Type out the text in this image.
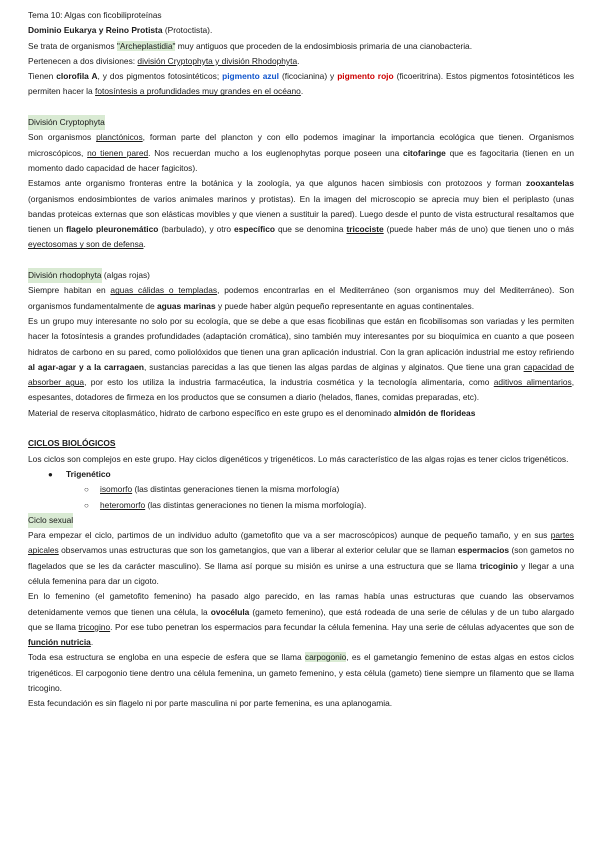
Tema 10: Algas con ficobiliproteínas

Dominio Eukarya y Reino Protista (Protoctista).

Se trata de organismos "Archeplastidia" muy antiguos que proceden de la endosimbiosis primaria de una cianobacteria.

Pertenecen a dos divisiones: división Cryptophyta y división Rhodophyta.

Tienen clorofila A, y dos pigmentos fotosintéticos; pigmento azul (ficocianina) y pigmento rojo (ficoeritrina). Estos pigmentos fotosintéticos les permiten hacer la fotosíntesis a profundidades muy grandes en el océano.

División Cryptophyta

Son organismos planctónicos, forman parte del plancton y con ello podemos imaginar la importancia ecológica que tienen. Organismos microscópicos, no tienen pared. Nos recuerdan mucho a los euglenophytas porque poseen una citofaringe que es fagocitaria (tienen en un momento dado capacidad de hacer fagicitos).

Estamos ante organismo fronteras entre la botánica y la zoología, ya que algunos hacen simbiosis con protozoos y forman zooxantelas (organismos endosimbiontes de varios animales marinos y protistas). En la imagen del microscopio se aprecia muy bien el periplasto (unas bandas proteicas externas que son elásticas movibles y que vienen a sustituir la pared). Luego desde el punto de vista estructural resaltamos que tienen un flagelo pleuronemático (barbulado), y otro específico que se denomina tricociste (puede haber más de uno) que tienen uno o más eyectosomas y son de defensa.

División rhodophyta (algas rojas)

Siempre habitan en aguas cálidas o templadas, podemos encontrarlas en el Mediterráneo (son organismos muy del Mediterráneo). Son organismos fundamentalmente de aguas marinas y puede haber algún pequeño representante en aguas continentales.

Es un grupo muy interesante no solo por su ecología, que se debe a que esas ficobilinas que están en ficobilisomas son variadas y les permiten hacer la fotosíntesis a grandes profundidades (adaptación cromática), sino también muy interesantes por su bioquímica en cuanto a que poseen hidratos de carbono en su pared, como poliolóxidos que tienen una gran aplicación industrial. Con la gran aplicación industrial me estoy refiriendo al agar-agar y a la carragaen, sustancias parecidas a las que tienen las algas pardas de alginas y alginatos. Que tiene una gran capacidad de absorber agua, por esto los utiliza la industria farmacéutica, la industria cosmética y la tecnología alimentaria, como aditivos alimentarios, espesantes, dotadores de firmeza en los productos que se consumen a diario (helados, flanes, comidas preparadas, etc).

Material de reserva citoplasmático, hidrato de carbono específico en este grupo es el denominado almidón de florideas

CICLOS BIOLÓGICOS

Los ciclos son complejos en este grupo. Hay ciclos digenéticos y trigenéticos. Lo más característico de las algas rojas es tener ciclos trigenéticos.

● Trigenético
○ isomorfo (las distintas generaciones tienen la misma morfología)
○ heteromorfo (las distintas generaciones no tienen la misma morfología).

Ciclo sexual

Para empezar el ciclo, partimos de un individuo adulto (gametofito que va a ser macroscópicos) aunque de pequeño tamaño, y en sus partes apicales observamos unas estructuras que son los gametangios, que van a liberar al exterior celular que se llaman espermacios (son gametos no flagelados que se les da carácter masculino). Se llama así porque su misión es unirse a una estructura que se llama tricoginio y llegar a una célula femenina para dar un cigoto.

En lo femenino (el gametofito femenino) ha pasado algo parecido, en las ramas había unas estructuras que cuando las observamos detenidamente vemos que tienen una célula, la ovocélula (gameto femenino), que está rodeada de una serie de células y de un tubo alargado que se llama tricogino. Por ese tubo penetran los espermacios para fecundar la célula femenina. Hay una serie de células adyacentes que son de función nutricia.

Toda esa estructura se engloba en una especie de esfera que se llama carpogonio, es el gametangio femenino de estas algas en estos ciclos trigenéticos. El carpogonio tiene dentro una célula femenina, un gameto femenino, y esta célula (gameto) tiene siempre un filamento que se llama tricogino.

Esta fecundación es sin flagelo ni por parte masculina ni por parte femenina, es una aplanogamia.
